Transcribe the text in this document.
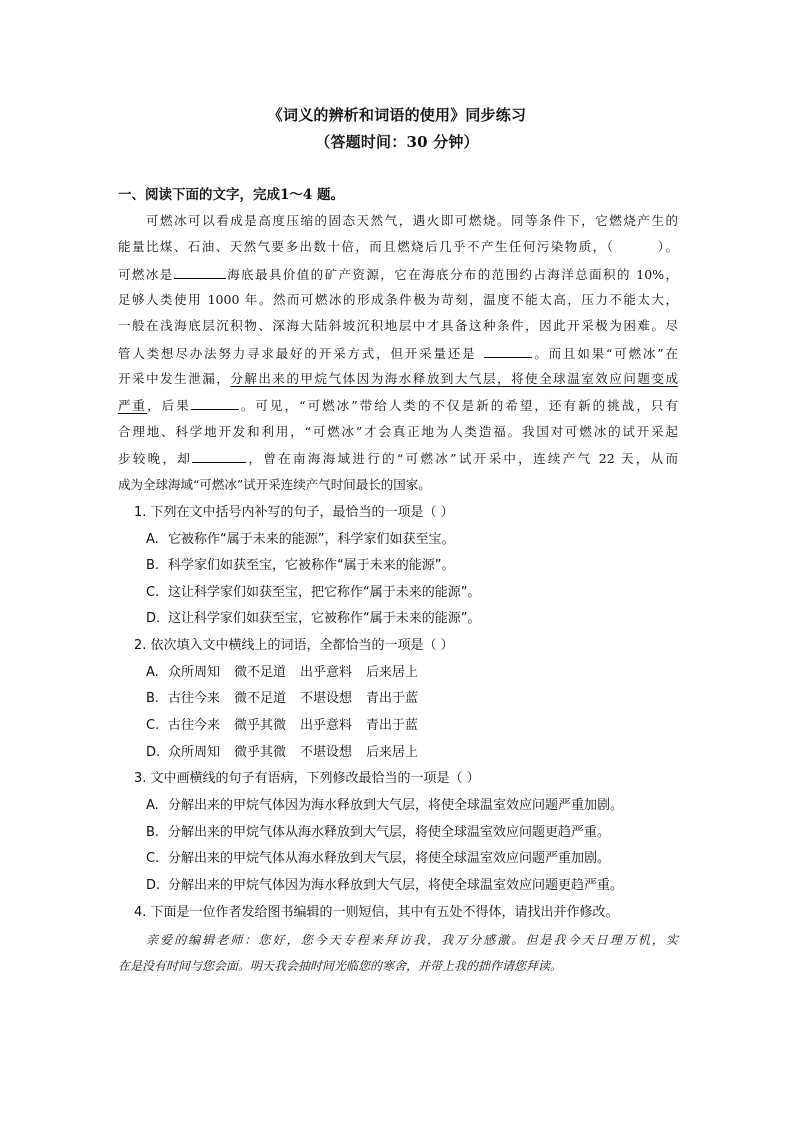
《词义的辨析和词语的使用》同步练习
（答题时间：30 分钟）
一、阅读下面的文字，完成1～4 题。
可燃冰可以看成是高度压缩的固态天然气，遇火即可燃烧。同等条件下，它燃烧产生的
能量比煤、石油、天然气要多出数十倍，而且燃烧后几乎不产生任何污染物质，（	）。
可燃冰是	海底最具价值的矿产资源，它在海底分布的范围约占海洋总面积的 10%，
足够人类使用 1000 年。然而可燃冰的形成条件极为苛刻，温度不能太高，压力不能太大，
一般在浅海底层沉积物、深海大陆斜坡沉积地层中才具备这种条件，因此开采极为困难。尽
管人类想尽办法努力寻求最好的开采方式，但开采量还是	。而且如果“可燃冰”在
开采中发生泄漏，分解出来的甲烷气体因为海水释放到大气层，将使全球温室效应问题变成
严重，后果	。可见，“可燃冰”带给人类的不仅是新的希望，还有新的挑战，只有
合理地、科学地开发和利用，“可燃冰”才会真正地为人类造福。我国对可燃冰的试开采起
步较晚，却	，曾在南海海域进行的“可燃冰”试开采中，连续产气 22 天，从而
成为全球海域“可燃冰”试开采连续产气时间最长的国家。
1. 下列在文中括号内补写的句子，最恰当的一项是（ ）
A. 它被称作“属于未来的能源”，科学家们如获至宝。
B. 科学家们如获至宝，它被称作“属于未来的能源”。
C. 这让科学家们如获至宝，把它称作“属于未来的能源”。
D. 这让科学家们如获至宝，它被称作“属于未来的能源”。
2. 依次填入文中横线上的词语，全都恰当的一项是（ ）
A. 众所周知 微不足道 出乎意料 后来居上
B. 古往今来 微不足道 不堪设想 青出于蓝
C. 古往今来 微乎其微 出乎意料 青出于蓝
D. 众所周知 微乎其微 不堪设想 后来居上
3. 文中画横线的句子有语病，下列修改最恰当的一项是（ ）
A. 分解出来的甲烷气体因为海水释放到大气层，将使全球温室效应问题严重加剧。
B. 分解出来的甲烷气体从海水释放到大气层，将使全球温室效应问题更趋严重。
C. 分解出来的甲烷气体从海水释放到大气层，将使全球温室效应问题严重加剧。
D. 分解出来的甲烷气体因为海水释放到大气层，将使全球温室效应问题更趋严重。
4. 下面是一位作者发给图书编辑的一则短信，其中有五处不得体，请找出并作修改。
亲爱的编辑老师：您好，您今天专程来拜访我，我万分感激。但是我今天日理万机，实
在是没有时间与您会面。明天我会抽时间光临您的寒舍，并带上我的拙作请您拜读。
